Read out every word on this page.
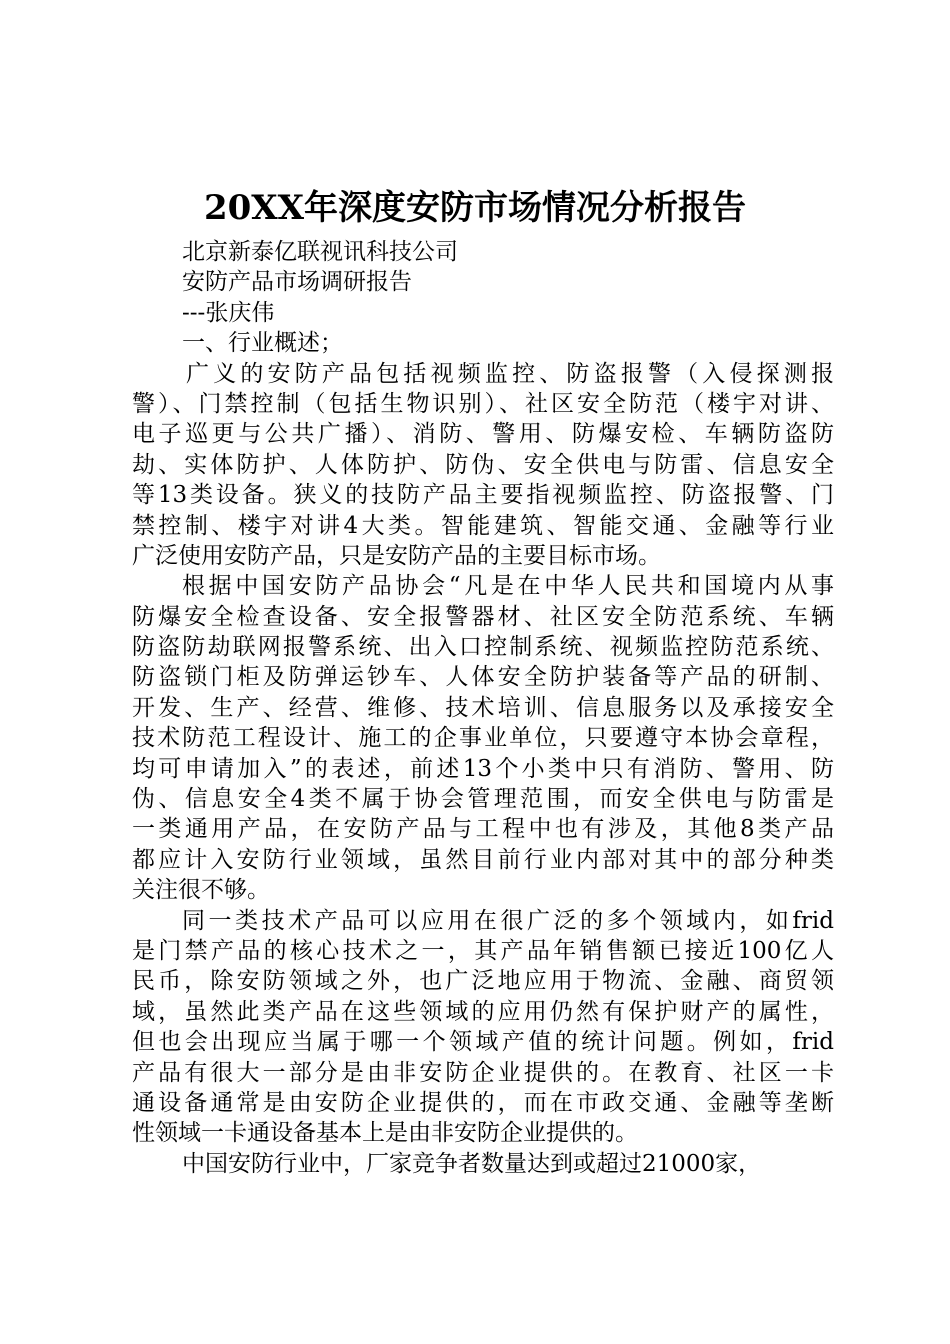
20XX年深度安防市场情况分析报告
北京新泰亿联视讯科技公司
安防产品市场调研报告
---张庆伟
一、行业概述；
广义的安防产品包括视频监控、防盗报警（入侵探测报
警）、门禁控制（包括生物识别）、社区安全防范（楼宇对讲、
电子巡更与公共广播）、消防、警用、防爆安检、车辆防盗防
劫、实体防护、人体防护、防伪、安全供电与防雷、信息安全
等13类设备。狭义的技防产品主要指视频监控、防盗报警、门
禁控制、楼宇对讲4大类。智能建筑、智能交通、金融等行业
广泛使用安防产品，只是安防产品的主要目标市场。
根据中国安防产品协会“凡是在中华人民共和国境内从事
防爆安全检查设备、安全报警器材、社区安全防范系统、车辆
防盗防劫联网报警系统、出入口控制系统、视频监控防范系统、
防盗锁门柜及防弹运钞车、人体安全防护装备等产品的研制、
开发、生产、经营、维修、技术培训、信息服务以及承接安全
技术防范工程设计、施工的企事业单位，只要遵守本协会章程，
均可申请加入”的表述，前述13个小类中只有消防、警用、防
伪、信息安全4类不属于协会管理范围，而安全供电与防雷是
一类通用产品，在安防产品与工程中也有涉及，其他8类产品
都应计入安防行业领域，虽然目前行业内部对其中的部分种类
关注很不够。
同一类技术产品可以应用在很广泛的多个领域内，如frid
是门禁产品的核心技术之一，其产品年销售额已接近100亿人
民币，除安防领域之外，也广泛地应用于物流、金融、商贸领
域，虽然此类产品在这些领域的应用仍然有保护财产的属性，
但也会出现应当属于哪一个领域产值的统计问题。例如，frid
产品有很大一部分是由非安防企业提供的。在教育、社区一卡
通设备通常是由安防企业提供的，而在市政交通、金融等垄断
性领域一卡通设备基本上是由非安防企业提供的。
中国安防行业中，厂家竞争者数量达到或超过21000家，
